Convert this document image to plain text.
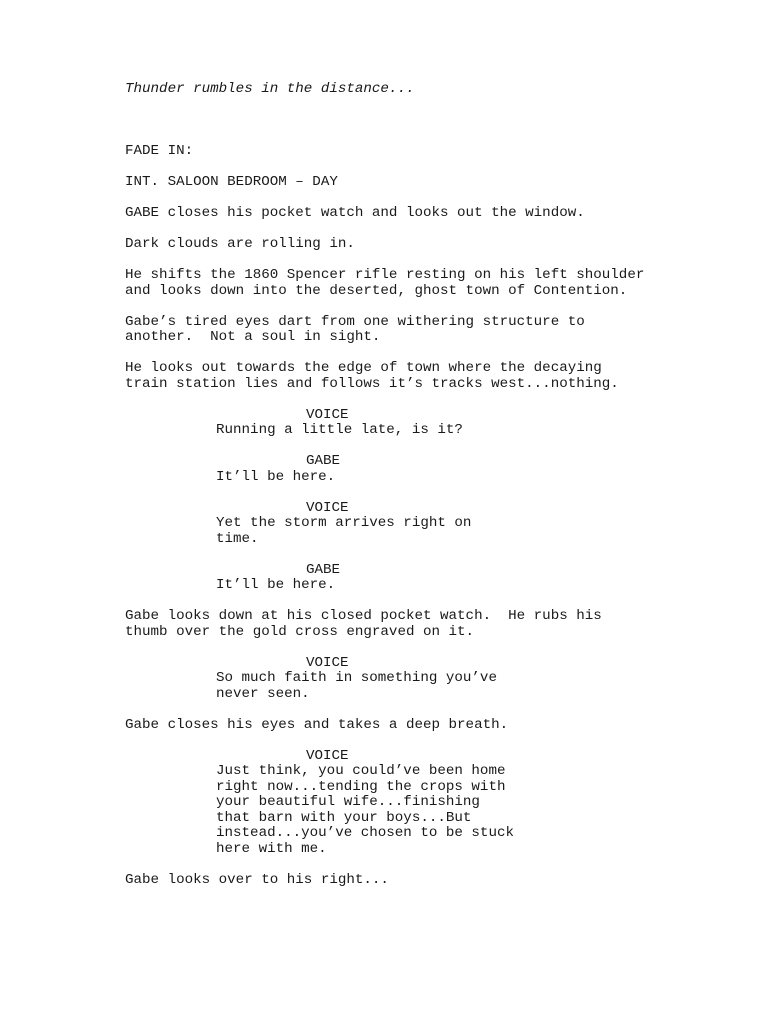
Thunder rumbles in the distance...
FADE IN:
INT. SALOON BEDROOM – DAY
GABE closes his pocket watch and looks out the window.
Dark clouds are rolling in.
He shifts the 1860 Spencer rifle resting on his left shoulder
and looks down into the deserted, ghost town of Contention.
Gabe’s tired eyes dart from one withering structure to
another.  Not a soul in sight.
He looks out towards the edge of town where the decaying
train station lies and follows it’s tracks west...nothing.
VOICE
Running a little late, is it?
GABE
It’ll be here.
VOICE
Yet the storm arrives right on
time.
GABE
It’ll be here.
Gabe looks down at his closed pocket watch.  He rubs his
thumb over the gold cross engraved on it.
VOICE
So much faith in something you’ve
never seen.
Gabe closes his eyes and takes a deep breath.
VOICE
Just think, you could’ve been home
right now...tending the crops with
your beautiful wife...finishing
that barn with your boys...But
instead...you’ve chosen to be stuck
here with me.
Gabe looks over to his right...
